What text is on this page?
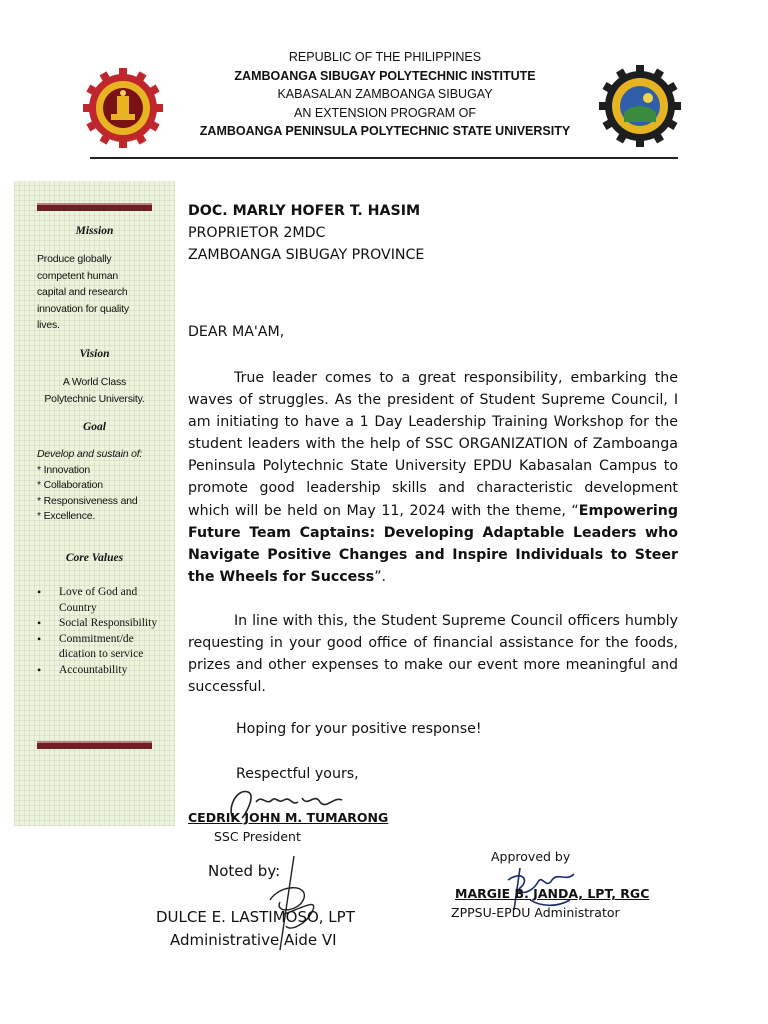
REPUBLIC OF THE PHILIPPINES
ZAMBOANGA SIBUGAY POLYTECHNIC INSTITUTE
KABASALAN ZAMBOANGA SIBUGAY
AN EXTENSION PROGRAM OF
ZAMBOANGA PENINSULA POLYTECHNIC STATE UNIVERSITY
Mission
Produce globally
competent human
capital and research
innovation for quality
lives.
Vision
A World Class
Polytechnic University.
Goal
Develop and sustain of:
* Innovation
* Collaboration
* Responsiveness and
* Excellence.
Core Values
• Love of God and Country
• Social Responsibility
• Commitment/de dication to service
• Accountability
DOC. MARLY HOFER T. HASIM
PROPRIETOR 2MDC
ZAMBOANGA SIBUGAY PROVINCE
DEAR MA'AM,
True leader comes to a great responsibility, embarking the waves of struggles. As the president of Student Supreme Council, I am initiating to have a 1 Day Leadership Training Workshop for the student leaders with the help of SSC ORGANIZATION of Zamboanga Peninsula Polytechnic State University EPDU Kabasalan Campus to promote good leadership skills and characteristic development which will be held on May 11, 2024 with the theme, “Empowering Future Team Captains: Developing Adaptable Leaders who Navigate Positive Changes and Inspire Individuals to Steer the Wheels for Success”.
In line with this, the Student Supreme Council officers humbly requesting in your good office of financial assistance for the foods, prizes and other expenses to make our event more meaningful and successful.
Hoping for your positive response!
Respectful yours,
CEDRIK JOHN M. TUMARONG
SSC President
Noted by:
DULCE E. LASTIMOSO, LPT
Administrative Aide VI
Approved by
MARGIE B. JANDA, LPT, RGC
ZPPSU-EPDU Administrator
